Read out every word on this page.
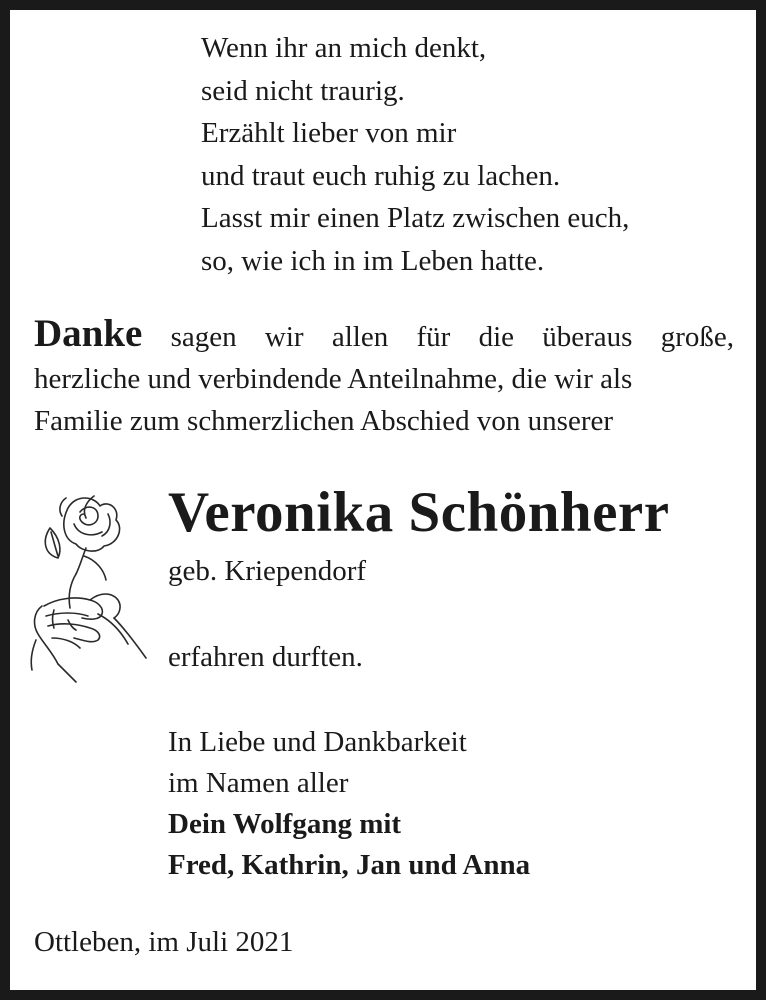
Wenn ihr an mich denkt,
seid nicht traurig.
Erzählt lieber von mir
und traut euch ruhig zu lachen.
Lasst mir einen Platz zwischen euch,
so, wie ich in im Leben hatte.
Danke sagen wir allen für die überaus große,
herzliche und verbindende Anteilnahme, die wir als
Familie zum schmerzlichen Abschied von unserer
Veronika Schönherr
geb. Kriependorf
erfahren durften.
In Liebe und Dankbarkeit
im Namen aller
Dein Wolfgang mit
Fred, Kathrin, Jan und Anna
Ottleben, im Juli 2021
